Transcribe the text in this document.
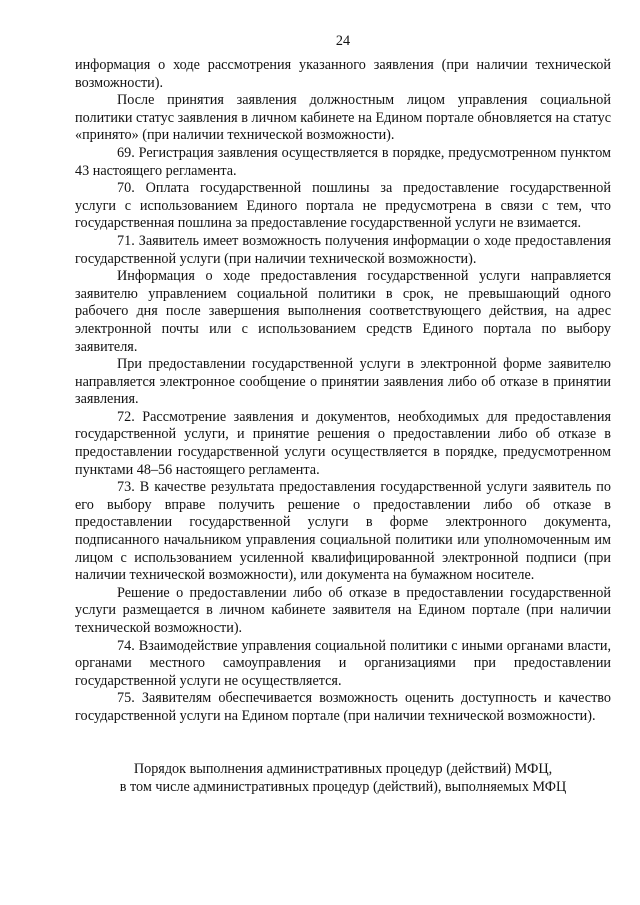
24

информация о ходе рассмотрения указанного заявления (при наличии технической возможности).

После принятия заявления должностным лицом управления социальной политики статус заявления в личном кабинете на Едином портале обновляется на статус «принято» (при наличии технической возможности).

69. Регистрация заявления осуществляется в порядке, предусмотренном пунктом 43 настоящего регламента.

70. Оплата государственной пошлины за предоставление государственной услуги с использованием Единого портала не предусмотрена в связи с тем, что государственная пошлина за предоставление государственной услуги не взимается.

71. Заявитель имеет возможность получения информации о ходе предоставления государственной услуги (при наличии технической возможности).

Информация о ходе предоставления государственной услуги направляется заявителю управлением социальной политики в срок, не превышающий одного рабочего дня после завершения выполнения соответствующего действия, на адрес электронной почты или с использованием средств Единого портала по выбору заявителя.

При предоставлении государственной услуги в электронной форме заявителю направляется электронное сообщение о принятии заявления либо об отказе в принятии заявления.

72. Рассмотрение заявления и документов, необходимых для предоставления государственной услуги, и принятие решения о предоставлении либо об отказе в предоставлении государственной услуги осуществляется в порядке, предусмотренном пунктами 48–56 настоящего регламента.

73. В качестве результата предоставления государственной услуги заявитель по его выбору вправе получить решение о предоставлении либо об отказе в предоставлении государственной услуги в форме электронного документа, подписанного начальником управления социальной политики или уполномоченным им лицом с использованием усиленной квалифицированной электронной подписи (при наличии технической возможности), или документа на бумажном носителе.

Решение о предоставлении либо об отказе в предоставлении государственной услуги размещается в личном кабинете заявителя на Едином портале (при наличии технической возможности).

74. Взаимодействие управления социальной политики с иными органами власти, органами местного самоуправления и организациями при предоставлении государственной услуги не осуществляется.

75. Заявителям обеспечивается возможность оценить доступность и качество государственной услуги на Едином портале (при наличии технической возможности).

Порядок выполнения административных процедур (действий) МФЦ,
в том числе административных процедур (действий), выполняемых МФЦ
